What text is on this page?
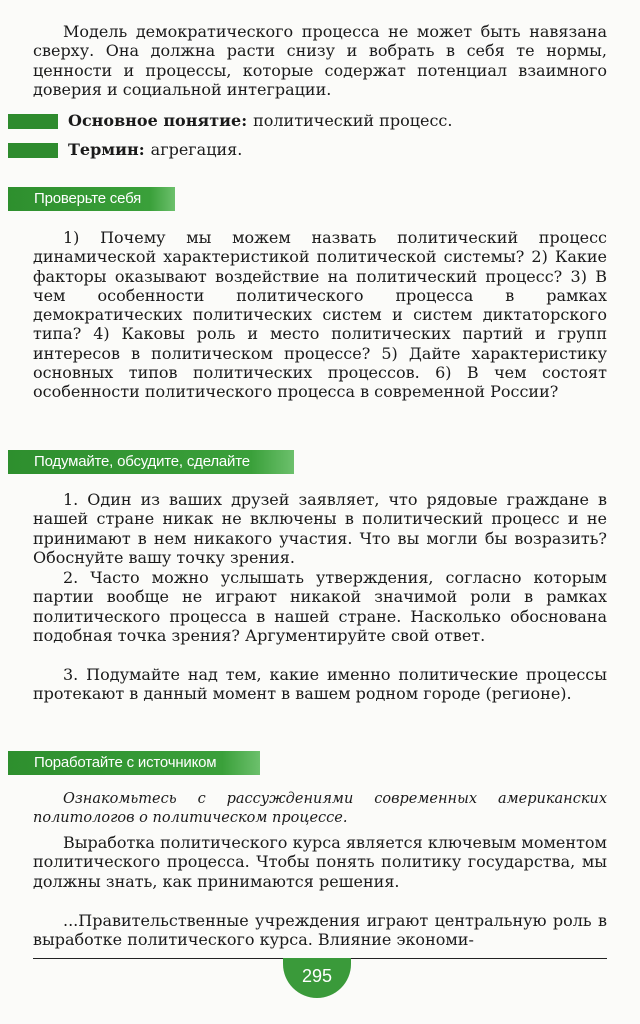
Модель демократического процесса не может быть навязана сверху. Она должна расти снизу и вобрать в себя те нормы, ценности и процессы, которые содержат потенциал взаимного доверия и социальной интеграции.

Основное понятие: политический процесс.
Термин: агрегация.
Проверьте себя

1) Почему мы можем назвать политический процесс динамической характеристикой политической системы? 2) Какие факторы оказывают воздействие на политический процесс? 3) В чем особенности политического процесса в рамках демократических политических систем и систем диктаторского типа? 4) Каковы роль и место политических партий и групп интересов в политическом процессе? 5) Дайте характеристику основных типов политических процессов. 6) В чем состоят особенности политического процесса в современной России?

Подумайте, обсудите, сделайте

1. Один из ваших друзей заявляет, что рядовые граждане в нашей стране никак не включены в политический процесс и не принимают в нем никакого участия. Что вы могли бы возразить? Обоснуйте вашу точку зрения.

2. Часто можно услышать утверждения, согласно которым партии вообще не играют никакой значимой роли в рамках политического процесса в нашей стране. Насколько обоснована подобная точка зрения? Аргументируйте свой ответ.

3. Подумайте над тем, какие именно политические процессы протекают в данный момент в вашем родном городе (регионе).

Поработайте с источником

Ознакомьтесь с рассуждениями современных американских политологов о политическом процессе.

Выработка политического курса является ключевым моментом политического процесса. Чтобы понять политику государства, мы должны знать, как принимаются решения.

...Правительственные учреждения играют центральную роль в выработке политического курса. Влияние экономи-

295
